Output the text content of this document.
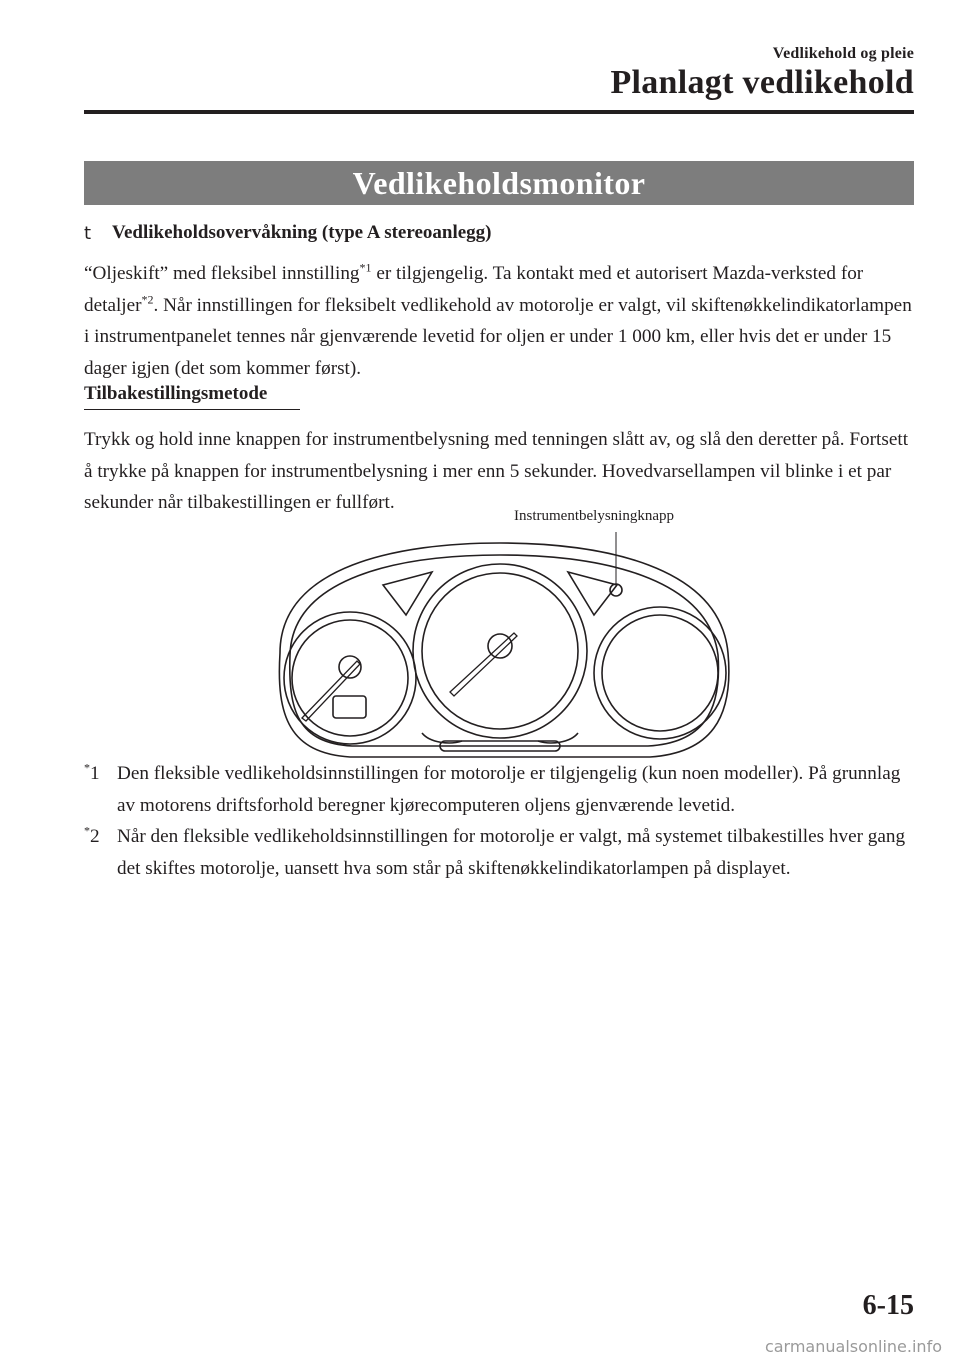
Vedlikehold og pleie
Planlagt vedlikehold
Vedlikeholdsmonitor
t	Vedlikeholdsovervåkning (type A stereoanlegg)
“Oljeskift” med fleksibel innstilling$^{*1}$ er tilgjengelig. Ta kontakt med et autorisert Mazda-verksted for detaljer$^{*2}$. Når innstillingen for fleksibelt vedlikehold av motorolje er valgt, vil skiftenøkkelindikatorlampen i instrumentpanelet tennes når gjenværende levetid for oljen er under 1 000 km, eller hvis det er under 15 dager igjen (det som kommer først).
Tilbakestillingsmetode
Trykk og hold inne knappen for instrumentbelysning med tenningen slått av, og slå den deretter på. Fortsett å trykke på knappen for instrumentbelysning i mer enn 5 sekunder. Hovedvarsellampen vil blinke i et par sekunder når tilbakestillingen er fullført.
Instrumentbelysningknapp
*1 Den fleksible vedlikeholdsinnstillingen for motorolje er tilgjengelig (kun noen modeller). På grunnlag av motorens driftsforhold beregner kjørecomputeren oljens gjenværende levetid.
*2 Når den fleksible vedlikeholdsinnstillingen for motorolje er valgt, må systemet tilbakestilles hver gang det skiftes motorolje, uansett hva som står på skiftenøkkelindikatorlampen på displayet.
6-15
carmanualsonline.info
